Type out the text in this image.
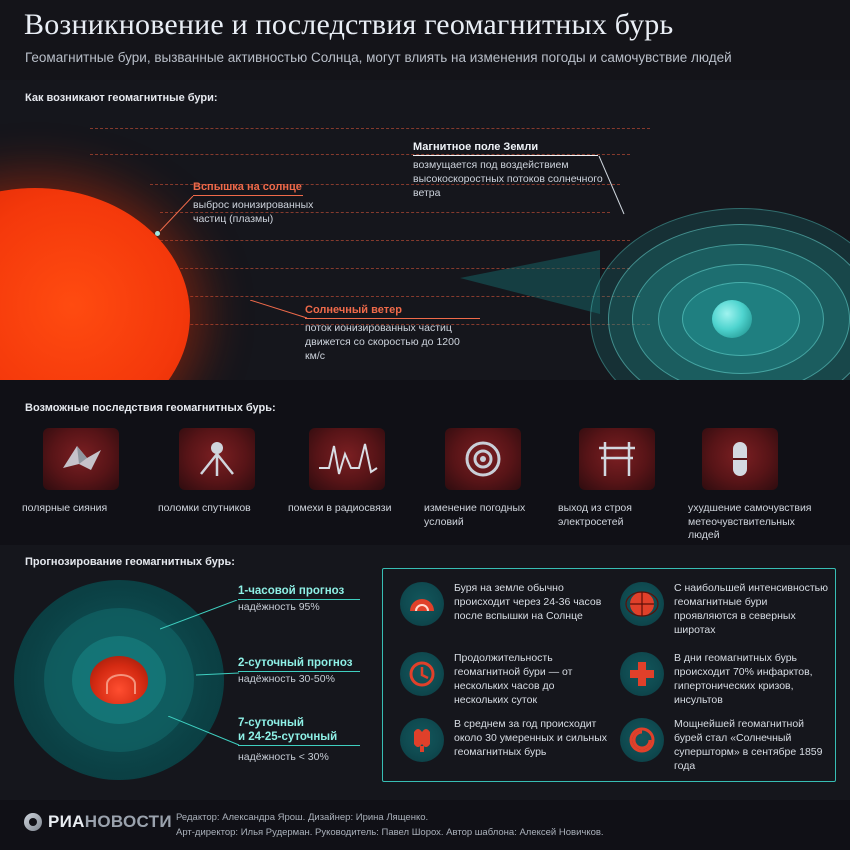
Возникновение и последствия геомагнитных бурь
Геомагнитные бури, вызванные активностью Солнца, могут влиять на изменения погоды и самочувствие людей
Как возникают геомагнитные бури:
Вспышка на солнце
выброс ионизированных частиц (плазмы)
Магнитное поле Земли
возмущается под воздействием высокоскоростных потоков солнечного ветра
Солнечный ветер
поток ионизированных частиц движется со скоростью до 1200 км/с
Возможные последствия геомагнитных бурь:
полярные сияния	поломки спутников	помехи в радиосвязи	изменение погодных условий
выход из строя электросетей
ухудшение самочувствия метеочувствительных людей
Прогнозирование геомагнитных бурь:
1-часовой прогноз
надёжность 95%
2-суточный прогноз
надёжность 30-50%
7-суточный
и 24-25-суточный
надёжность < 30%
Буря на земле обычно происходит через 24-36 часов после вспышки на Солнце
С наибольшей интенсивностью геомагнитные бури проявляются в северных широтах
Продолжительность геомагнитной бури — от нескольких часов до нескольких суток
В дни геомагнитных бурь происходит 70% инфарктов, гипертонических кризов, инсультов
В среднем за год происходит около 30 умеренных и сильных геомагнитных бурь
Мощнейшей геомагнитной бурей стал «Солнечный супершторм» в сентябре 1859 года
РИАНОВОСТИ Редактор: Александра Ярош. Дизайнер: Ирина Лященко.
Арт-директор: Илья Рудерман. Руководитель: Павел Шорох. Автор шаблона: Алексей Новичков.
